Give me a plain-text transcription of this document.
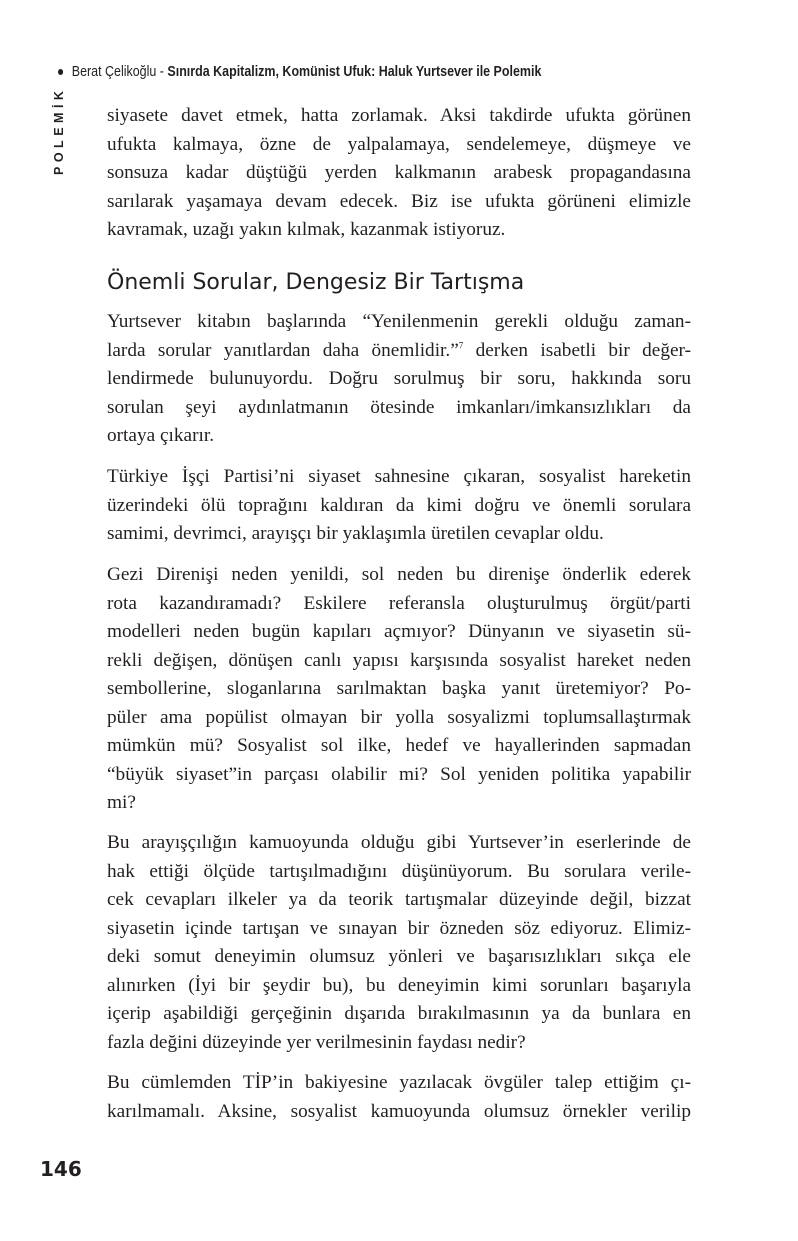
Berat Çelikoğlu - Sınırda Kapitalizm, Komünist Ufuk: Haluk Yurtsever ile Polemik
POLEMİK siyasete davet etmek, hatta zorlamak. Aksi takdirde ufukta görünen
ufukta kalmaya, özne de yalpalamaya, sendelemeye, düşmeye ve
sonsuza kadar düştüğü yerden kalkmanın arabesk propagandasına
sarılarak yaşamaya devam edecek. Biz ise ufukta görüneni elimizle
kavramak, uzağı yakın kılmak, kazanmak istiyoruz.
Önemli Sorular, Dengesiz Bir Tartışma
Yurtsever kitabın başlarında “Yenilenmenin gerekli olduğu zaman-
larda sorular yanıtlardan daha önemlidir.”$^7$ derken isabetli bir değer-
lendirmede bulunuyordu. Doğru sorulmuş bir soru, hakkında soru
sorulan şeyi aydınlatmanın ötesinde imkanları/imkansızlıkları da
ortaya çıkarır.
Türkiye İşçi Partisi’ni siyaset sahnesine çıkaran, sosyalist hareketin
üzerindeki ölü toprağını kaldıran da kimi doğru ve önemli sorulara
samimi, devrimci, arayışçı bir yaklaşımla üretilen cevaplar oldu.
Gezi Direnişi neden yenildi, sol neden bu direnişe önderlik ederek
rota kazandıramadı? Eskilere referansla oluşturulmuş örgüt/parti
modelleri neden bugün kapıları açmıyor? Dünyanın ve siyasetin sü-
rekli değişen, dönüşen canlı yapısı karşısında sosyalist hareket neden
sembollerine, sloganlarına sarılmaktan başka yanıt üretemiyor? Po-
püler ama popülist olmayan bir yolla sosyalizmi toplumsallaştırmak
mümkün mü? Sosyalist sol ilke, hedef ve hayallerinden sapmadan
“büyük siyaset”in parçası olabilir mi? Sol yeniden politika yapabilir
mi?
Bu arayışçılığın kamuoyunda olduğu gibi Yurtsever’in eserlerinde de
hak ettiği ölçüde tartışılmadığını düşünüyorum. Bu sorulara verile-
cek cevapları ilkeler ya da teorik tartışmalar düzeyinde değil, bizzat
siyasetin içinde tartışan ve sınayan bir özneden söz ediyoruz. Elimiz-
deki somut deneyimin olumsuz yönleri ve başarısızlıkları sıkça ele
alınırken (İyi bir şeydir bu), bu deneyimin kimi sorunları başarıyla
içerip aşabildiği gerçeğinin dışarıda bırakılmasının ya da bunlara en
fazla değini düzeyinde yer verilmesinin faydası nedir?
Bu cümlemden TİP’in bakiyesine yazılacak övgüler talep ettiğim çı-
karılmamalı. Aksine, sosyalist kamuoyunda olumsuz örnekler verilip
146
